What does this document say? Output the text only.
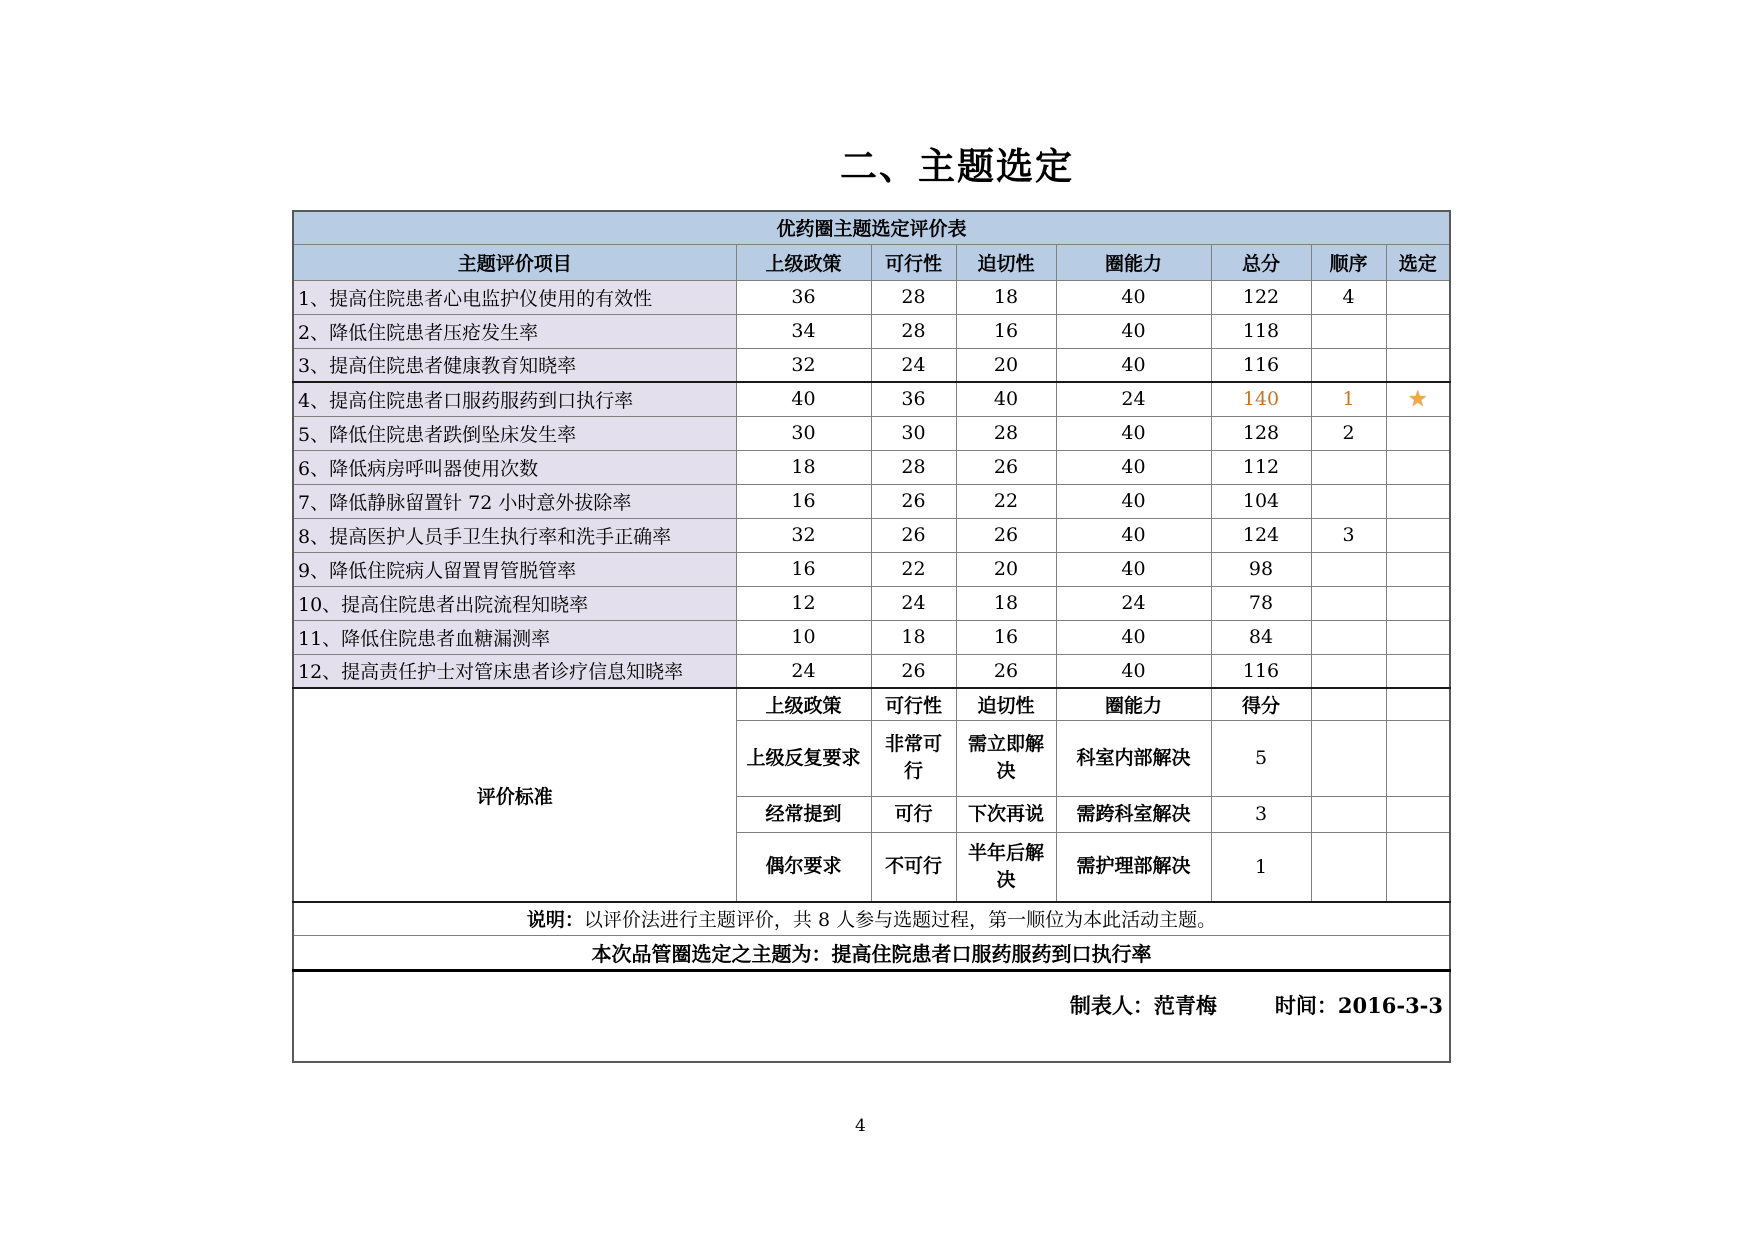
二、主题选定
优药圈主题选定评价表							
主题评价项目	上级政策	可行性	迫切性	圈能力	总分	顺序	选定
1、提高住院患者心电监护仪使用的有效性	36	28	18	40	122	4	
2、降低住院患者压疮发生率	34	28	16	40	118		
3、提高住院患者健康教育知晓率	32	24	20	40	116		
4、提高住院患者口服药服药到口执行率	40	36	40	24	140	1	★
5、降低住院患者跌倒坠床发生率	30	30	28	40	128	2	
6、降低病房呼叫器使用次数	18	28	26	40	112		
7、降低静脉留置针 72 小时意外拔除率	16	26	22	40	104		
8、提高医护人员手卫生执行率和洗手正确率	32	26	26	40	124	3	
9、降低住院病人留置胃管脱管率	16	22	20	40	98		
10、提高住院患者出院流程知晓率	12	24	18	24	78		
11、降低住院患者血糖漏测率	10	18	16	40	84		
12、提高责任护士对管床患者诊疗信息知晓率	24	26	26	40	116		
评价标准	上级政策	可行性	迫切性	圈能力	得分		
	上级反复要求	非常可行	需立即解决	科室内部解决	5		
	经常提到	可行	下次再说	需跨科室解决	3		
	偶尔要求	不可行	半年后解决	需护理部解决	1		
说明：以评价法进行主题评价，共 8 人参与选题过程，第一顺位为本此活动主题。							
本次品管圈选定之主题为：提高住院患者口服药服药到口执行率							
制表人：范青梅 时间：2016-3-3							
4
